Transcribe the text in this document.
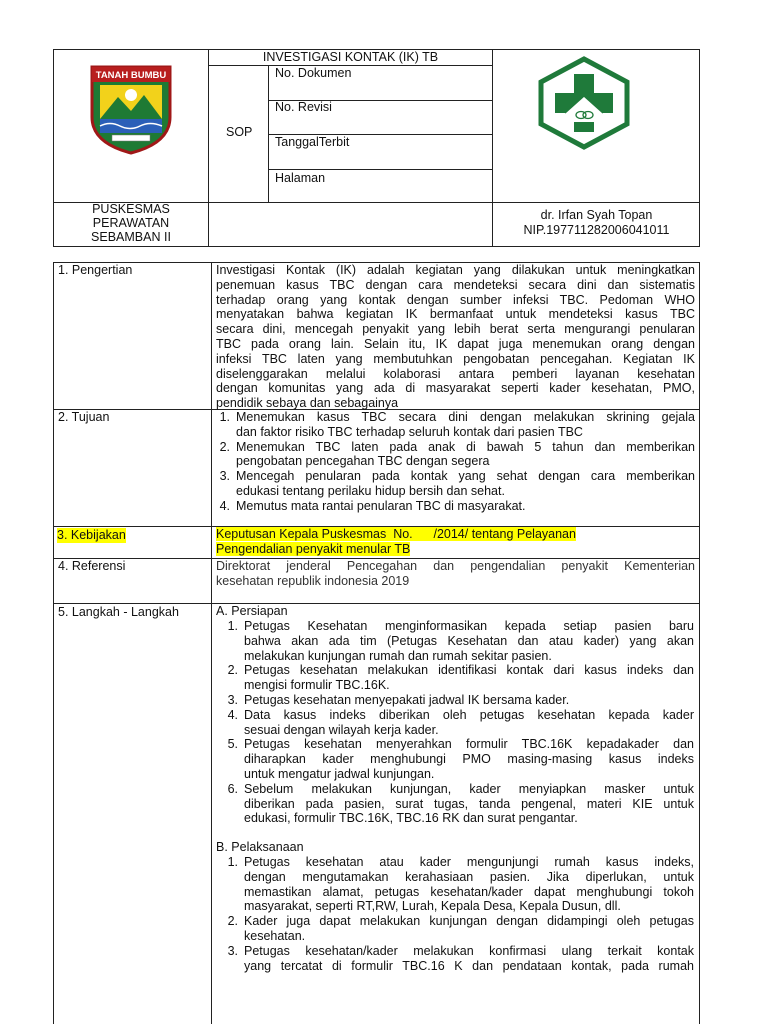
INVESTIGASI KONTAK (IK) TB
TANAH BUMBU
SOP
No. Dokumen
No. Revisi
TanggalTerbit
Halaman
PUSKESMAS
PERAWATAN
SEBAMBAN II
dr. Irfan Syah Topan
NIP.197711282006041011
1. Pengertian	Investigasi Kontak (IK) adalah kegiatan yang dilakukan untuk meningkatkan
penemuan kasus TBC dengan cara mendeteksi secara dini dan sistematis
terhadap orang yang kontak dengan sumber infeksi TBC. Pedoman WHO
menyatakan bahwa kegiatan IK bermanfaat untuk mendeteksi kasus TBC
secara dini, mencegah penyakit yang lebih berat serta mengurangi penularan
TBC pada orang lain. Selain itu, IK dapat juga menemukan orang dengan
infeksi TBC laten yang membutuhkan pengobatan pencegahan. Kegiatan IK
diselenggarakan melalui kolaborasi antara pemberi layanan kesehatan
dengan komunitas yang ada di masyarakat seperti kader kesehatan, PMO,
pendidik sebaya dan sebagainya
2. Tujuan	1. Menemukan kasus TBC secara dini dengan melakukan skrining gejala
dan faktor risiko TBC terhadap seluruh kontak dari pasien TBC
2. Menemukan TBC laten pada anak di bawah 5 tahun dan memberikan
pengobatan pencegahan TBC dengan segera
3. Mencegah penularan pada kontak yang sehat dengan cara memberikan
edukasi tentang perilaku hidup bersih dan sehat.
4. Memutus mata rantai penularan TBC di masyarakat.
3. Kebijakan	Keputusan Kepala Puskesmas  No.      /2014/ tentang Pelayanan
Pengendalian penyakit menular TB
4. Referensi	Direktorat jenderal Pencegahan dan pengendalian penyakit Kementerian
kesehatan republik indonesia 2019
5. Langkah - Langkah	A. Persiapan
1. Petugas Kesehatan menginformasikan kepada setiap pasien baru
bahwa akan ada tim (Petugas Kesehatan dan atau kader) yang akan
melakukan kunjungan rumah dan rumah sekitar pasien.
2. Petugas kesehatan melakukan identifikasi kontak dari kasus indeks dan
mengisi formulir TBC.16K.
3. Petugas kesehatan menyepakati jadwal IK bersama kader.
4. Data kasus indeks diberikan oleh petugas kesehatan kepada kader
sesuai dengan wilayah kerja kader.
5. Petugas kesehatan menyerahkan formulir TBC.16K kepadakader dan
diharapkan kader menghubungi PMO masing-masing kasus indeks
untuk mengatur jadwal kunjungan.
6. Sebelum melakukan kunjungan, kader menyiapkan masker untuk
diberikan pada pasien, surat tugas, tanda pengenal, materi KIE untuk
edukasi, formulir TBC.16K, TBC.16 RK dan surat pengantar.
B. Pelaksanaan
1. Petugas kesehatan atau kader mengunjungi rumah kasus indeks,
dengan mengutamakan kerahasiaan pasien. Jika diperlukan, untuk
memastikan alamat, petugas kesehatan/kader dapat menghubungi tokoh
masyarakat, seperti RT,RW, Lurah, Kepala Desa, Kepala Dusun, dll.
2. Kader juga dapat melakukan kunjungan dengan didampingi oleh petugas
kesehatan.
3. Petugas kesehatan/kader melakukan konfirmasi ulang terkait kontak
yang tercatat di formulir TBC.16 K dan pendataan kontak, pada rumah
